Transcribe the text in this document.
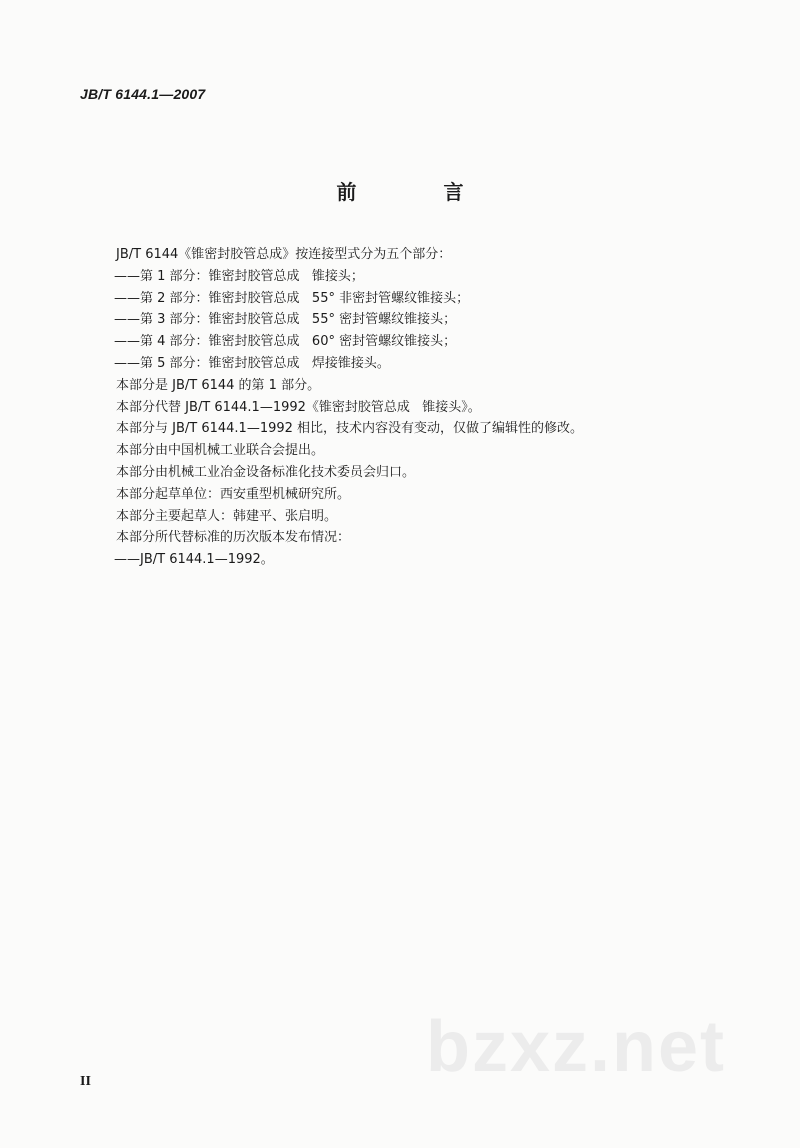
JB/T 6144.1—2007
前 言
JB/T 6144《锥密封胶管总成》按连接型式分为五个部分：
——第 1 部分：锥密封胶管总成   锥接头；
——第 2 部分：锥密封胶管总成   55° 非密封管螺纹锥接头；
——第 3 部分：锥密封胶管总成   55° 密封管螺纹锥接头；
——第 4 部分：锥密封胶管总成   60° 密封管螺纹锥接头；
——第 5 部分：锥密封胶管总成   焊接锥接头。
本部分是 JB/T 6144 的第 1 部分。
本部分代替 JB/T 6144.1—1992《锥密封胶管总成   锥接头》。
本部分与 JB/T 6144.1—1992 相比，技术内容没有变动，仅做了编辑性的修改。
本部分由中国机械工业联合会提出。
本部分由机械工业冶金设备标准化技术委员会归口。
本部分起草单位：西安重型机械研究所。
本部分主要起草人：韩建平、张启明。
本部分所代替标准的历次版本发布情况：
——JB/T 6144.1—1992。
bzxz.net
II
